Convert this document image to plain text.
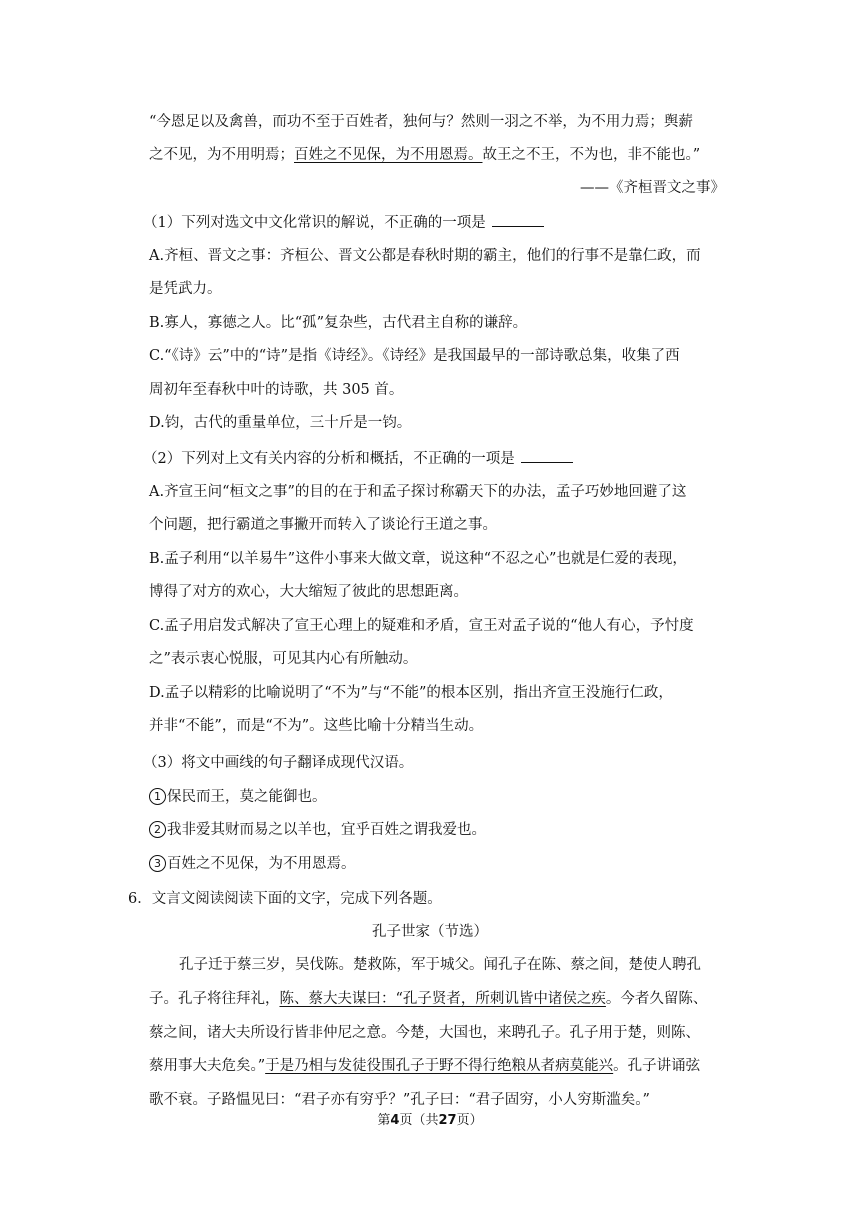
“今恩足以及禽兽，而功不至于百姓者，独何与？然则一羽之不举，为不用力焉；舆薪
之不见，为不用明焉；百姓之不见保，为不用恩焉。故王之不王，不为也，非不能也。”
——《齐桓晋文之事》
（1）下列对选文中文化常识的解说，不正确的一项是
A.齐桓、晋文之事：齐桓公、晋文公都是春秋时期的霸主，他们的行事不是靠仁政，而
是凭武力。
B.寡人，寡德之人。比“孤”复杂些，古代君主自称的谦辞。
C.“《诗》云”中的“诗”是指《诗经》。《诗经》是我国最早的一部诗歌总集，收集了西
周初年至春秋中叶的诗歌，共 305 首。
D.钧，古代的重量单位，三十斤是一钧。
（2）下列对上文有关内容的分析和概括，不正确的一项是
A.齐宣王问“桓文之事”的目的在于和孟子探讨称霸天下的办法，孟子巧妙地回避了这
个问题，把行霸道之事撇开而转入了谈论行王道之事。
B.孟子利用“以羊易牛”这件小事来大做文章，说这种“不忍之心”也就是仁爱的表现，
博得了对方的欢心，大大缩短了彼此的思想距离。
C.孟子用启发式解决了宣王心理上的疑难和矛盾，宣王对孟子说的“他人有心，予忖度
之”表示衷心悦服，可见其内心有所触动。
D.孟子以精彩的比喻说明了“不为”与“不能”的根本区别，指出齐宣王没施行仁政，
并非“不能”，而是“不为”。这些比喻十分精当生动。
（3）将文中画线的句子翻译成现代汉语。
1 保民而王，莫之能御也。
2 我非爱其财而易之以羊也，宜乎百姓之谓我爱也。
3 百姓之不见保，为不用恩焉。
6．文言文阅读阅读下面的文字，完成下列各题。
孔子世家（节选）
孔子迁于蔡三岁，吴伐陈。楚救陈，军于城父。闻孔子在陈、蔡之间，楚使人聘孔
子。孔子将往拜礼，陈、蔡大夫谋曰：“孔子贤者，所刺讥皆中诸侯之疾。今者久留陈、
蔡之间，诸大夫所设行皆非仲尼之意。今楚，大国也，来聘孔子。孔子用于楚，则陈、
蔡用事大夫危矣。”于是乃相与发徒役围孔子于野不得行绝粮从者病莫能兴。孔子讲诵弦
歌不衰。子路愠见曰：“君子亦有穷乎？”孔子曰：“君子固穷，小人穷斯滥矣。”
第4页（共27页）
